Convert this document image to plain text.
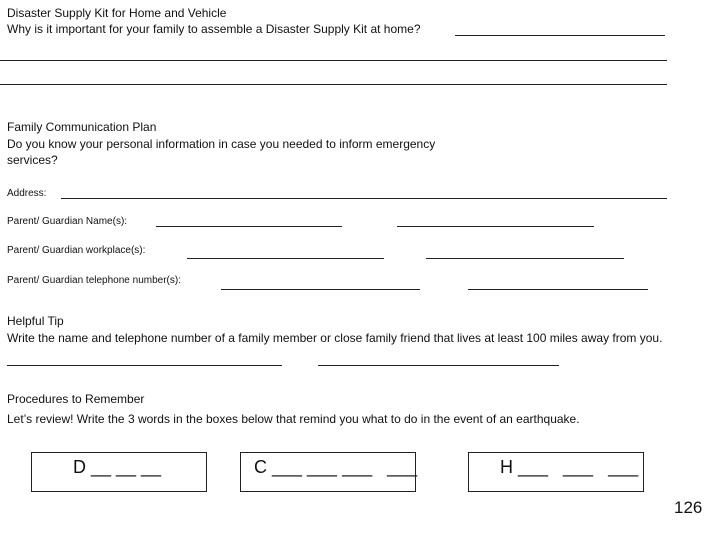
Disaster Supply Kit for Home and Vehicle
Why is it important for your family to assemble a Disaster Supply Kit at home?
Family Communication Plan
Do you know your personal information in case you needed to inform emergency
services?
Address:
Parent/ Guardian Name(s):
Parent/ Guardian workplace(s):
Parent/ Guardian telephone number(s):
Helpful Tip
Write the name and telephone number of a family member or close family friend that lives at least 100 miles away from you.
Procedures to Remember
Let’s review! Write the 3 words in the boxes below that remind you what to do in the event of an earthquake.
D __ __ __	C ___ ___ ___   ___	H ___   ___   ___
126
